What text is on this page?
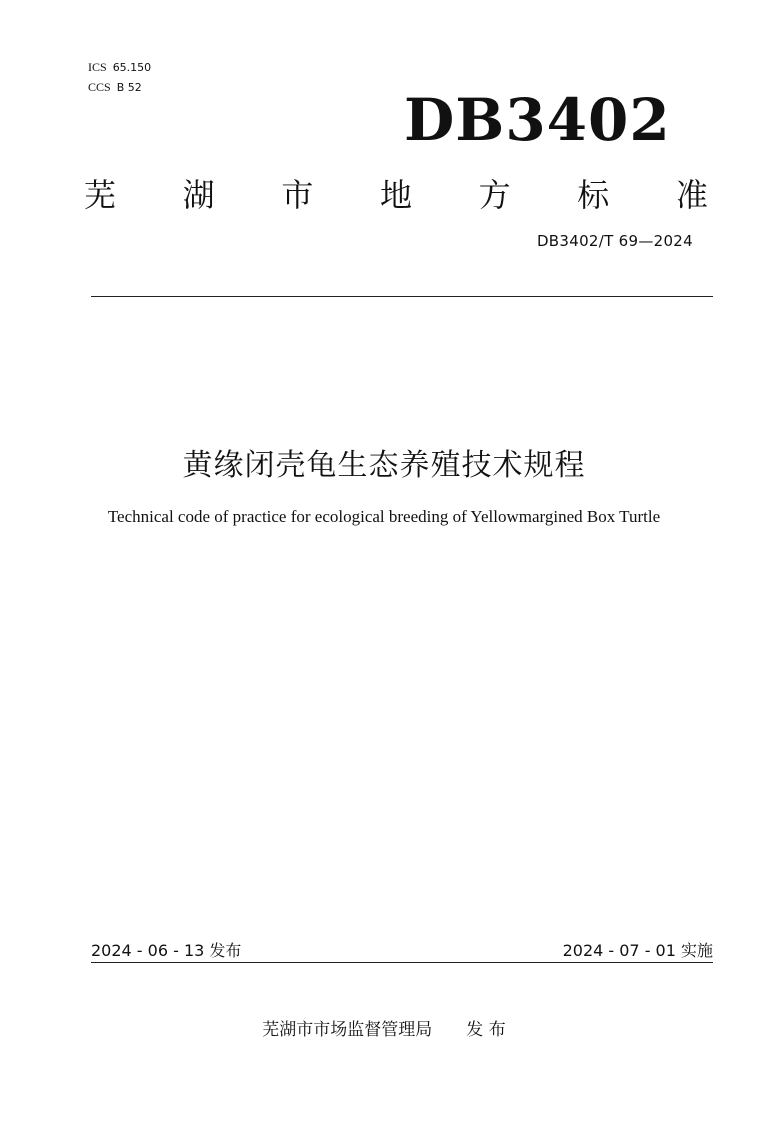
ICS 65.150
CCS B 52	DB3402
芜 湖 市 地 方 标 准
DB3402/T 69—2024
黄缘闭壳龟生态养殖技术规程
Technical code of practice for ecological breeding of Yellowmargined Box Turtle
2024 - 06 - 13 发布	2024 - 07 - 01 实施
芜湖市市场监督管理局 发 布
